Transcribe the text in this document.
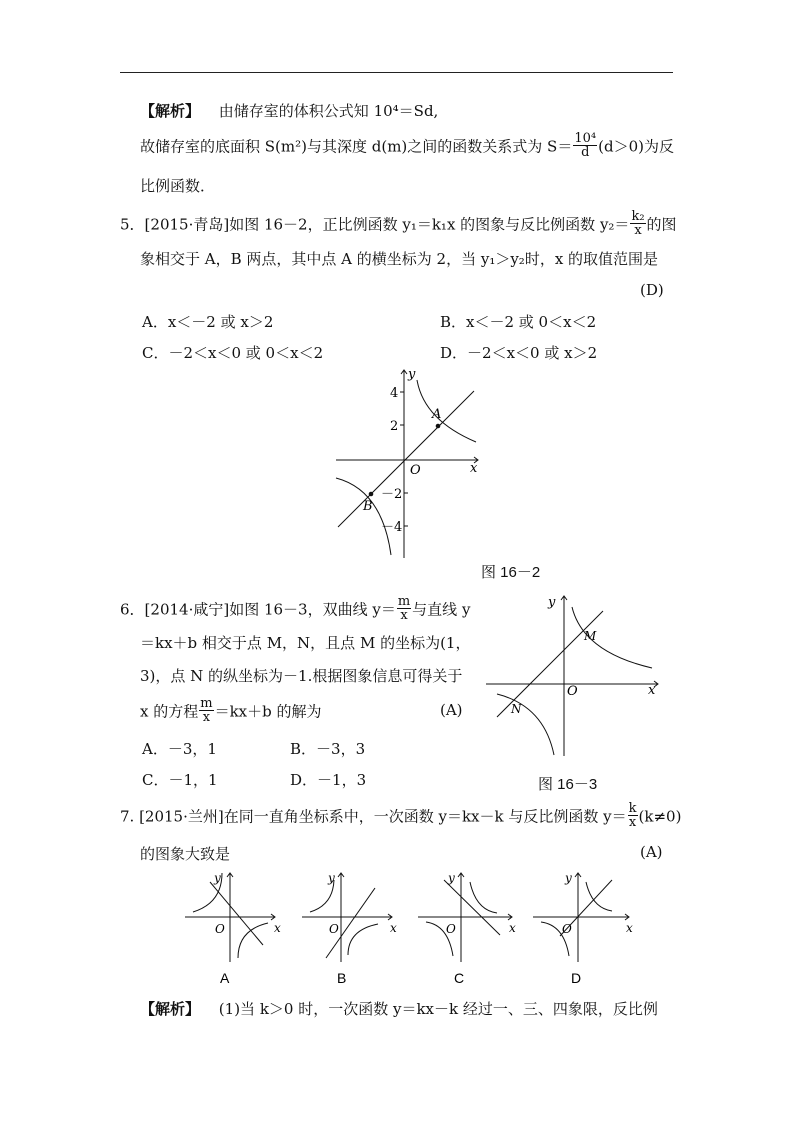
【解析】 由储存室的体积公式知 10⁴＝Sd,
故储存室的底面积 S(m²)与其深度 d(m)之间的函数关系式为 $S= \frac{\text{10⁴}}{d} (d>0)$为反
比例函数．
5．[2015·青岛]如图 16－2，正比例函数 y₁＝k₁x 的图象与反比例函数 $y_2= \frac{\text{k₂}}{x}$ 的图
象相交于 A，B 两点，其中点 A 的横坐标为 2，当 y₁＞y₂时，x 的取值范围是
(D)
A．x＜－2 或 x＞2	B．x＜－2 或 0＜x＜2
C．－2＜x＜0 或 0＜x＜2	D．－2＜x＜0 或 x＞2
y
x
O
4
2
－2
－4
A
B
图 16－2
6．[2014·咸宁]如图 16－3，双曲线 $y= \frac{m}{x}$ 与直线 y
＝kx＋b 相交于点 M，N，且点 M 的坐标为(1，
3)，点 N 的纵坐标为－1.根据图象信息可得关于
x 的方程 $\frac{m}{x} =kx+b$ 的解为	(A)
A．－3，1	B．－3，3
C．－1，1	D．－1，3
y
x
O
M
N
图 16－3
7. [2015·兰州]在同一直角坐标系中，一次函数 y＝kx－k 与反比例函数 $y= \frac{k}{x} (k\ne 0)$
的图象大致是	(A)
y
x
O
A
y
x
O
B
y
x
O
C
y
x
O
D
【解析】 (1)当 k＞0 时，一次函数 y＝kx－k 经过一、三、四象限，反比例
